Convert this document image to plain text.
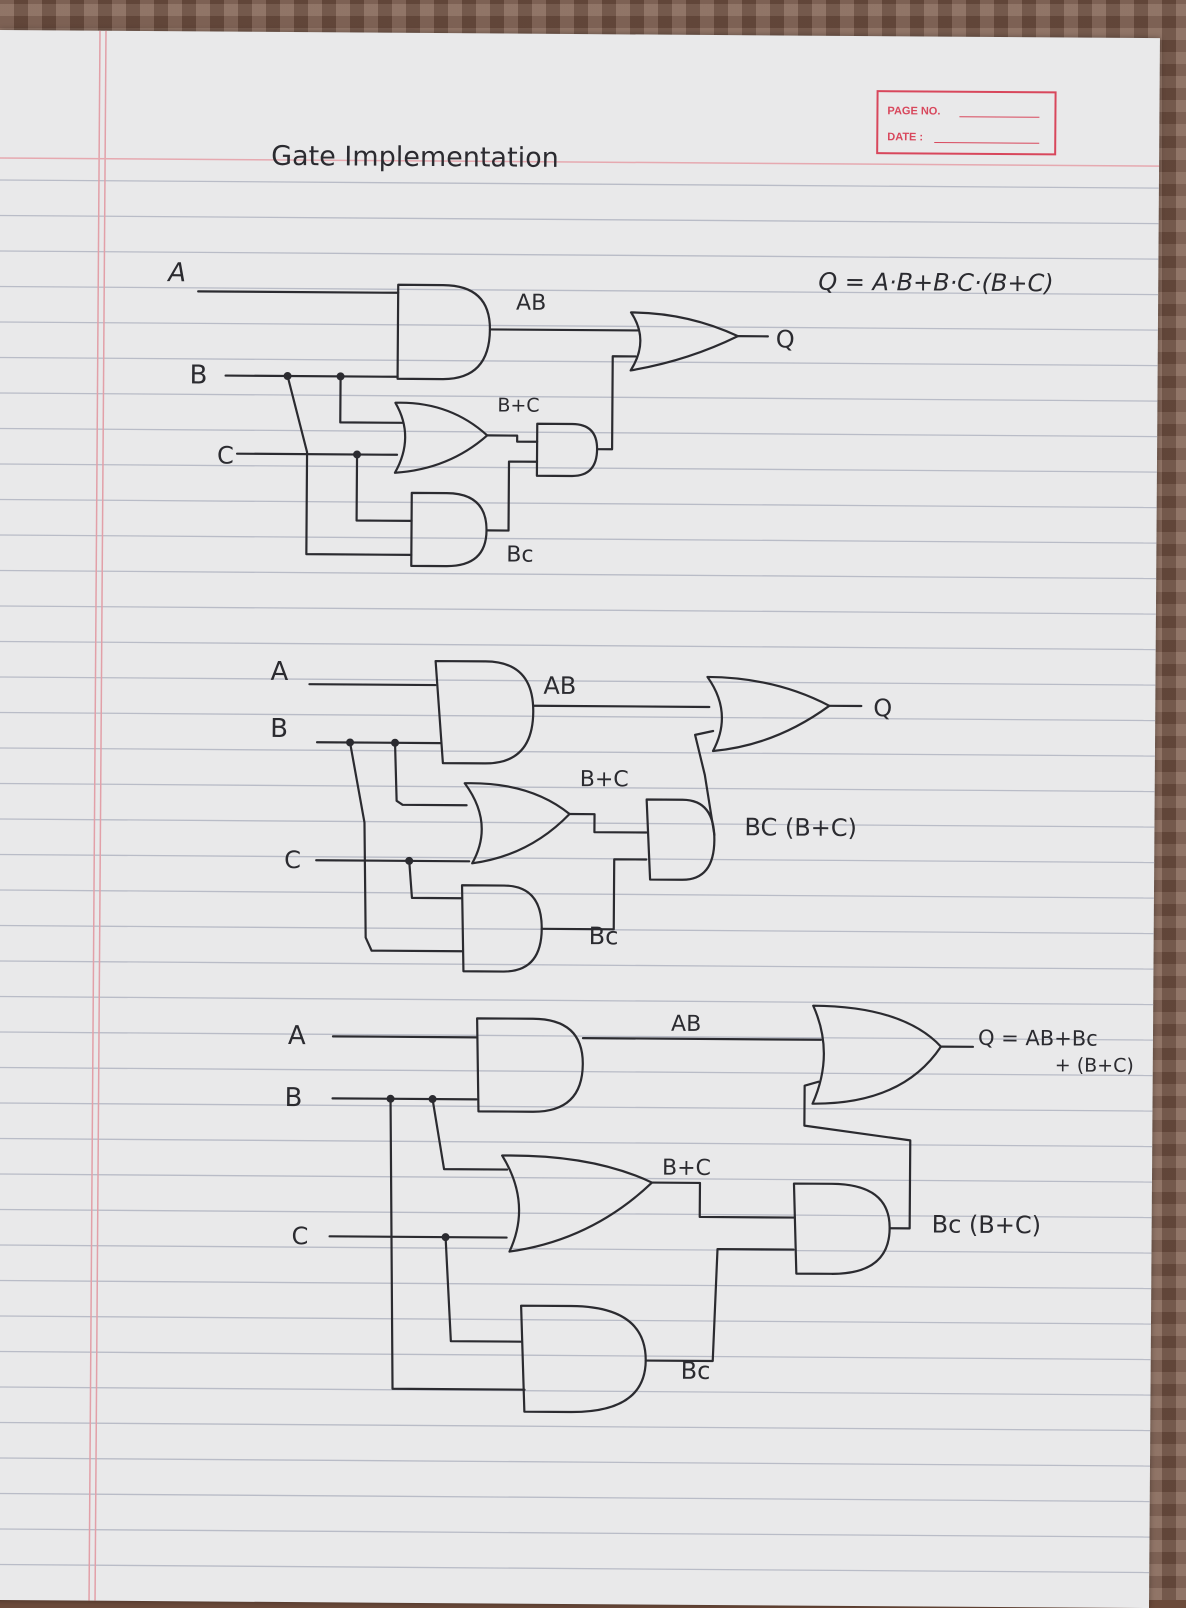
PAGE NO.
DATE :
Gate Implementation
A
B
C
AB
B+C
Bc
Q
Q = A·B+B·C·(B+C)
A
B
C
AB
B+C
BC (B+C)
Bc
Q
A
B
C
AB
B+C
Bc (B+C)
Bc
Q = AB+Bc
+ (B+C)
